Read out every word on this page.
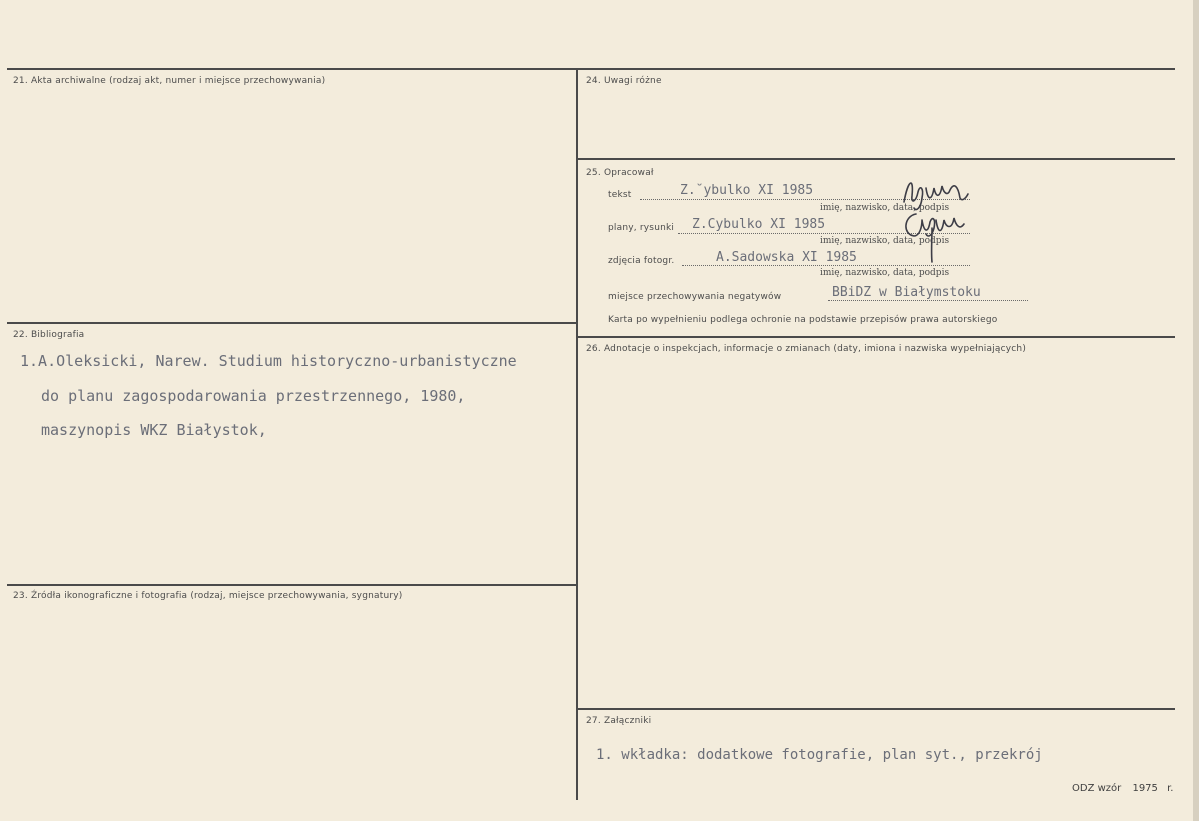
21. Akta archiwalne (rodzaj akt, numer i miejsce przechowywania)
22. Bibliografia
1.A.Oleksicki, Narew. Studium historyczno-urbanistyczne
do planu zagospodarowania przestrzennego, 1980,
maszynopis WKZ Białystok,
23. Źródła ikonograficzne i fotografia (rodzaj, miejsce przechowywania, sygnatury)
24. Uwagi różne
25. Opracował
tekst	Z.˘ybulko XI 1985
imię, nazwisko, data, podpis
plany, rysunki Z.Cybulko XI 1985
imię, nazwisko, data, podpis
zdjęcia fotogr.	A.Sadowska XI 1985
imię, nazwisko, data, podpis
miejsce przechowywania negatywów	BBiDZ w Białymstoku
Karta po wypełnieniu podlega ochronie na podstawie przepisów prawa autorskiego
26. Adnotacje o inspekcjach, informacje o zmianach (daty, imiona i nazwiska wypełniających)
27. Załączniki
1. wkładka: dodatkowe fotografie, plan syt., przekrój
ODZ wzór 1975 r.
